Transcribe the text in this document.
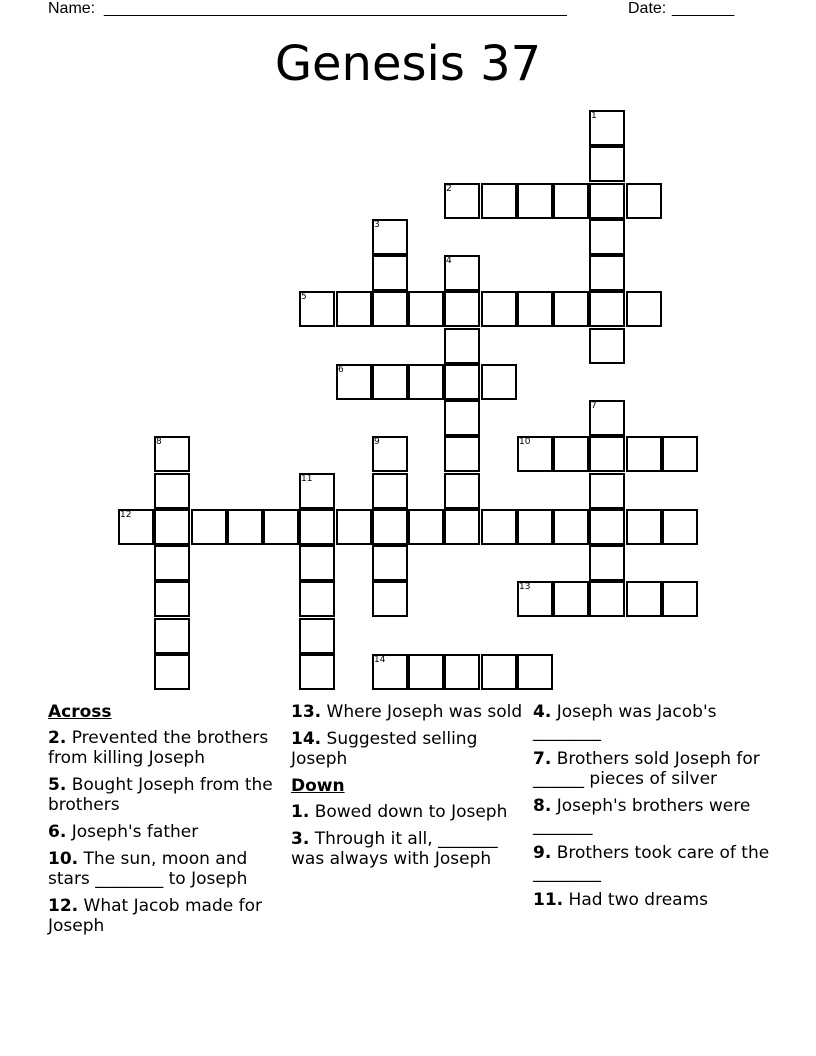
Name: ____________________________________________________	Date: _______
Genesis 37
1
2
3
4
5
6
7
8	9	10
11
12
13
14
Across
2. Prevented the brothers from killing Joseph
5. Bought Joseph from the brothers
6. Joseph's father
10. The sun, moon and stars ________ to Joseph
12. What Jacob made for Joseph
13. Where Joseph was sold
14. Suggested selling Joseph
Down
1. Bowed down to Joseph
3. Through it all, _______ was always with Joseph
4. Joseph was Jacob's ________
7. Brothers sold Joseph for ______ pieces of silver
8. Joseph's brothers were _______
9. Brothers took care of the ________
11. Had two dreams
